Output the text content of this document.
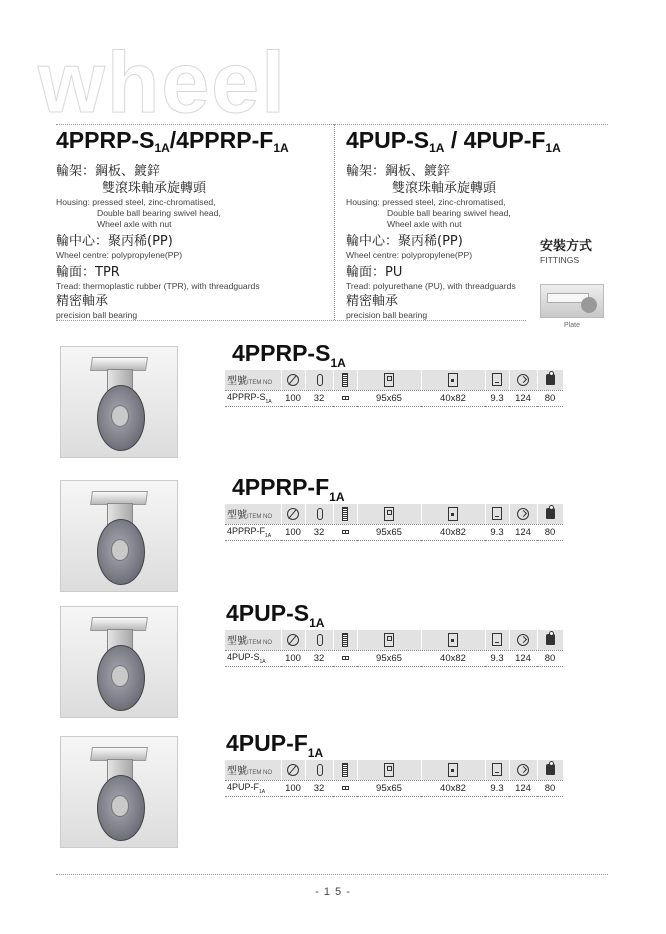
wheel
$4PPRP-S_{1A}/4PPRP-F_{1A}$
輪架：鋼板、鍍鋅
雙滾珠軸承旋轉頭
Housing: pressed steel, zinc-chromatised,
Double ball bearing swivel head,
Wheel axle with nut
輪中心：聚丙稀(PP)
Wheel centre: polypropylene(PP)
輪面：TPR
Tread: thermoplastic rubber (TPR), with threadguards
精密軸承
precision ball bearing
$4PUP-S_{1A} / 4PUP-F_{1A}$
輪架：鋼板、鍍鋅
雙滾珠軸承旋轉頭
Housing: pressed steel, zinc-chromatised,
Double ball bearing swivel head,
Wheel axle with nut
輪中心：聚丙稀(PP)
Wheel centre: polypropylene(PP)
輪面：PU
Tread: polyurethane (PU), with threadguards
精密軸承
precision ball bearing
安裝方式
FITTINGS
Plate
$4PPRP-S_{1A}$
型號ITEM NO								
$4PPRP-S_{1A}$	100	32		95x65	40x82	9.3	124	80
$4PPRP-F_{1A}$
型號ITEM NO								
$4PPRP-F_{1A}$	100	32		95x65	40x82	9.3	124	80
$4PUP-S_{1A}$
型號ITEM NO								
$4PUP-S_{1A}$	100	32		95x65	40x82	9.3	124	80
$4PUP-F_{1A}$
型號ITEM NO								
$4PUP-F_{1A}$	100	32		95x65	40x82	9.3	124	80
- 1 5 -
